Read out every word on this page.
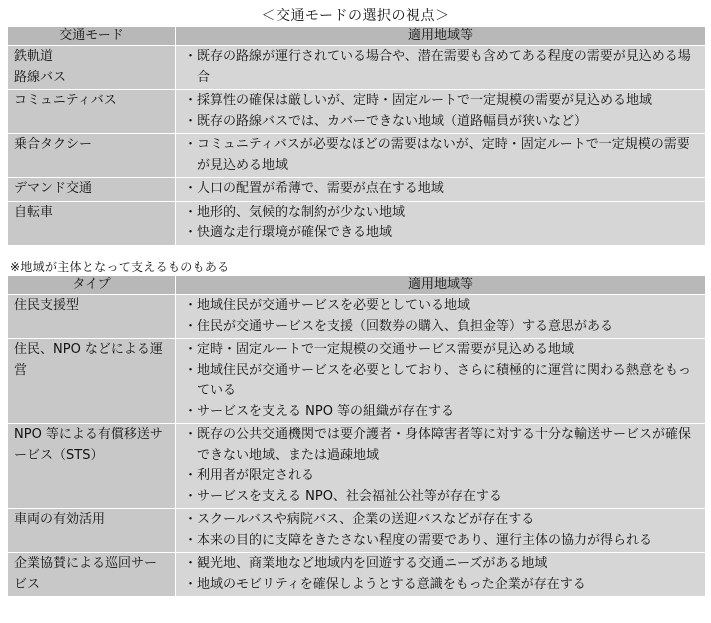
＜交通モードの選択の視点＞
交通モード	適用地域等

鉄軌道
路線バス	・ 既存の路線が運行されている場合や、潜在需要も含めてある程度の需要が見込める場合

コミュニティバス	・ 採算性の確保は厳しいが、定時・固定ルートで一定規模の需要が見込める地域
・ 既存の路線バスでは、カバーできない地域（道路幅員が狭いなど）

乗合タクシー	・ コミュニティバスが必要なほどの需要はないが、定時・固定ルートで一定規模の需要が見込める地域

デマンド交通	・ 人口の配置が希薄で、需要が点在する地域

自転車	・ 地形的、気候的な制約が少ない地域
・ 快適な走行環境が確保できる地域
※地域が主体となって支えるものもある
タイプ	適用地域等

住民支援型	・ 地域住民が交通サービスを必要としている地域
・ 住民が交通サービスを支援（回数券の購入、負担金等）する意思がある

住民、NPO などによる運営	・ 定時・固定ルートで一定規模の交通サービス需要が見込める地域
・ 地域住民が交通サービスを必要としており、さらに積極的に運営に関わる熱意をもっている
・ サービスを支える NPO 等の組織が存在する

NPO 等による有償移送サービス（STS）	・ 既存の公共交通機関では要介護者・身体障害者等に対する十分な輸送サービスが確保できない地域、または過疎地域
・ 利用者が限定される
・ サービスを支える NPO、社会福祉公社等が存在する

車両の有効活用	・ スクールバスや病院バス、企業の送迎バスなどが存在する
・ 本来の目的に支障をきたさない程度の需要であり、運行主体の協力が得られる

企業協賛による巡回サービス	・ 観光地、商業地など地域内を回遊する交通ニーズがある地域
・ 地域のモビリティを確保しようとする意識をもった企業が存在する
